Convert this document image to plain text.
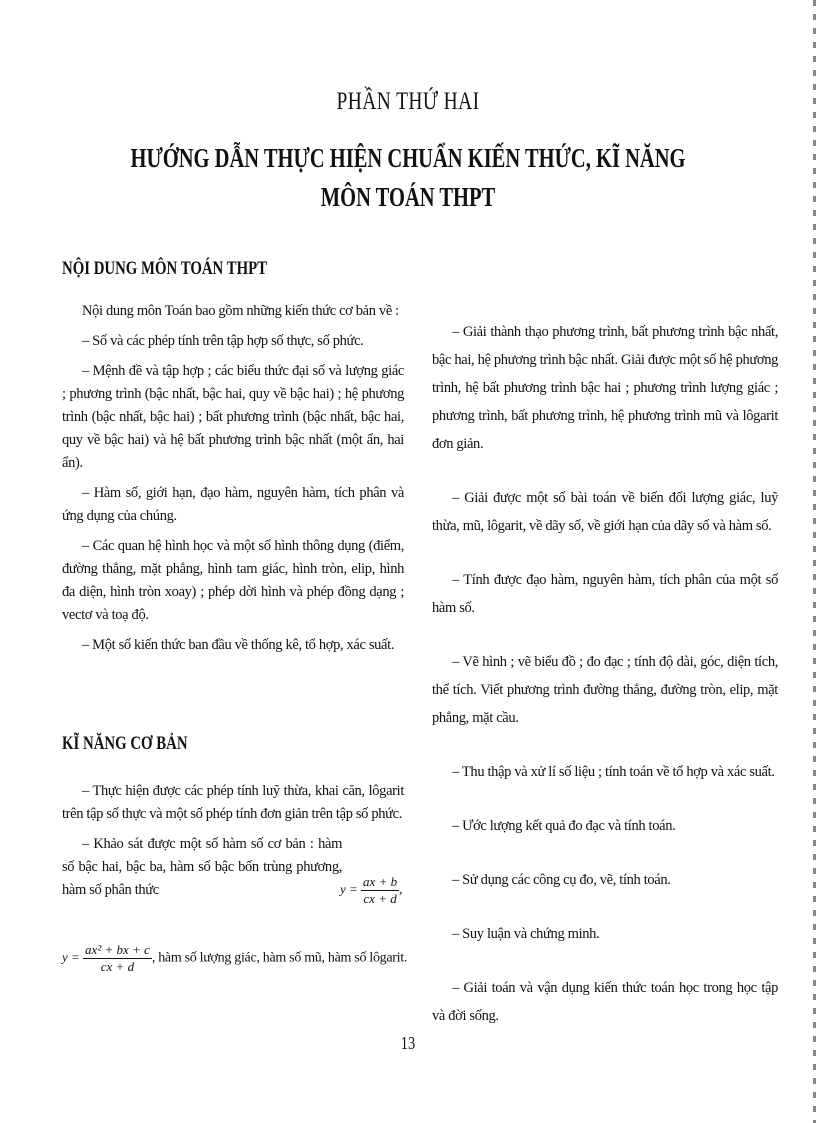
PHẦN THỨ HAI
HƯỚNG DẪN THỰC HIỆN CHUẨN KIẾN THỨC, KĨ NĂNG
MÔN TOÁN THPT
NỘI DUNG MÔN TOÁN THPT

Nội dung môn Toán bao gồm những kiến thức cơ bản về :

– Số và các phép tính trên tập hợp số thực, số phức.

– Mệnh đề và tập hợp ; các biểu thức đại số và lượng giác ; phương trình (bậc nhất, bậc hai, quy về bậc hai) ; hệ phương trình (bậc nhất, bậc hai) ; bất phương trình (bậc nhất, bậc hai, quy về bậc hai) và hệ bất phương trình bậc nhất (một ẩn, hai ẩn).

– Hàm số, giới hạn, đạo hàm, nguyên hàm, tích phân và ứng dụng của chúng.

– Các quan hệ hình học và một số hình thông dụng (điểm, đường thẳng, mặt phẳng, hình tam giác, hình tròn, elip, hình đa diện, hình tròn xoay) ; phép dời hình và phép đồng dạng ; vectơ và toạ độ.

– Một số kiến thức ban đầu về thống kê, tổ hợp, xác suất.

KĨ NĂNG CƠ BẢN

– Thực hiện được các phép tính luỹ thừa, khai căn, lôgarit trên tập số thực và một số phép tính đơn giản trên tập số phức.

– Khảo sát được một số hàm số cơ bản : hàm số bậc hai, bậc ba, hàm số bậc bốn trùng phương, hàm số phân thức	$y = \frac{ax + b}{cx + d}$ ,
$y = \frac{\text{ax² + bx + c}}{cx + d}$ , hàm số lượng giác, hàm số mũ, hàm số lôgarit.

– Giải thành thạo phương trình, bất phương trình bậc nhất, bậc hai, hệ phương trình bậc nhất. Giải được một số hệ phương trình, hệ bất phương trình bậc hai ; phương trình lượng giác ; phương trình, bất phương trình, hệ phương trình mũ và lôgarit đơn giản.

– Giải được một số bài toán về biến đổi lượng giác, luỹ thừa, mũ, lôgarit, về dãy số, về giới hạn của dãy số và hàm số.

– Tính được đạo hàm, nguyên hàm, tích phân của một số hàm số.

– Vẽ hình ; vẽ biểu đồ ; đo đạc ; tính độ dài, góc, diện tích, thể tích. Viết phương trình đường thẳng, đường tròn, elip, mặt phẳng, mặt cầu.

– Thu thập và xử lí số liệu ; tính toán về tổ hợp và xác suất.

– Ước lượng kết quả đo đạc và tính toán.

– Sử dụng các công cụ đo, vẽ, tính toán.

– Suy luận và chứng minh.

– Giải toán và vận dụng kiến thức toán học trong học tập và đời sống.

13
